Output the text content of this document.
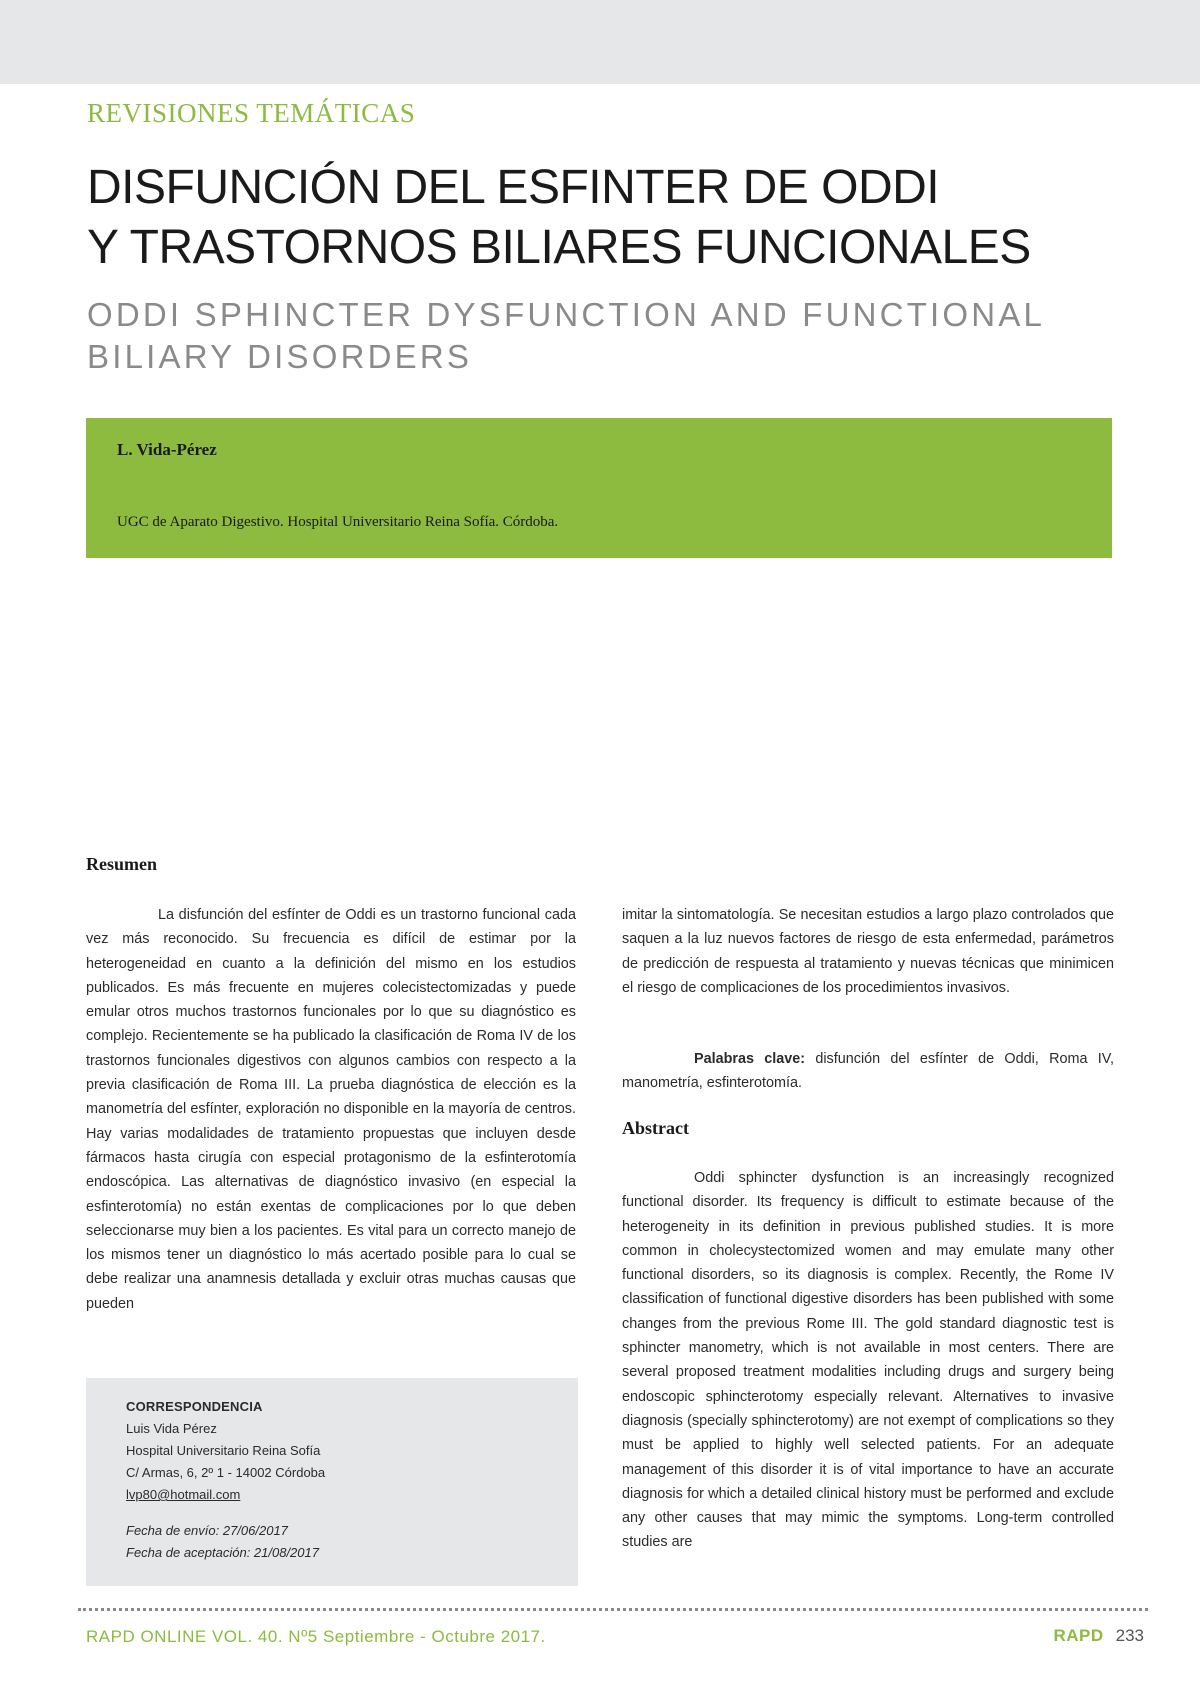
REVISIONES TEMÁTICAS
DISFUNCIÓN DEL ESFINTER DE ODDI
Y TRASTORNOS BILIARES FUNCIONALES
ODDI SPHINCTER DYSFUNCTION AND FUNCTIONAL
BILIARY DISORDERS

L. Vida-Pérez

UGC de Aparato Digestivo. Hospital Universitario Reina Sofía. Córdoba.

Resumen

La disfunción del esfínter de Oddi es un trastorno funcional cada vez más reconocido. Su frecuencia es difícil de estimar por la heterogeneidad en cuanto a la definición del mismo en los estudios publicados. Es más frecuente en mujeres colecistectomizadas y puede emular otros muchos trastornos funcionales por lo que su diagnóstico es complejo. Recientemente se ha publicado la clasificación de Roma IV de los trastornos funcionales digestivos con algunos cambios con respecto a la previa clasificación de Roma III. La prueba diagnóstica de elección es la manometría del esfínter, exploración no disponible en la mayoría de centros. Hay varias modalidades de tratamiento propuestas que incluyen desde fármacos hasta cirugía con especial protagonismo de la esfinterotomía endoscópica. Las alternativas de diagnóstico invasivo (en especial la esfinterotomía) no están exentas de complicaciones por lo que deben seleccionarse muy bien a los pacientes. Es vital para un correcto manejo de los mismos tener un diagnóstico lo más acertado posible para lo cual se debe realizar una anamnesis detallada y excluir otras muchas causas que pueden

imitar la sintomatología. Se necesitan estudios a largo plazo controlados que saquen a la luz nuevos factores de riesgo de esta enfermedad, parámetros de predicción de respuesta al tratamiento y nuevas técnicas que minimicen el riesgo de complicaciones de los procedimientos invasivos.

Palabras clave: disfunción del esfínter de Oddi, Roma IV, manometría, esfinterotomía.

Abstract

Oddi sphincter dysfunction is an increasingly recognized functional disorder. Its frequency is difficult to estimate because of the heterogeneity in its definition in previous published studies. It is more common in cholecystectomized women and may emulate many other functional disorders, so its diagnosis is complex. Recently, the Rome IV classification of functional digestive disorders has been published with some changes from the previous Rome III. The gold standard diagnostic test is sphincter manometry, which is not available in most centers. There are several proposed treatment modalities including drugs and surgery being endoscopic sphincterotomy especially relevant. Alternatives to invasive diagnosis (specially sphincterotomy) are not exempt of complications so they must be applied to highly well selected patients. For an adequate management of this disorder it is of vital importance to have an accurate diagnosis for which a detailed clinical history must be performed and exclude any other causes that may mimic the symptoms. Long-term controlled studies are

CORRESPONDENCIA

Luis Vida Pérez

Hospital Universitario Reina Sofía

C/ Armas, 6, 2º 1 - 14002 Córdoba

lvp80@hotmail.com

Fecha de envío: 27/06/2017

Fecha de aceptación: 21/08/2017

RAPD ONLINE VOL. 40. Nº5 Septiembre - Octubre 2017.	RAPD 233
